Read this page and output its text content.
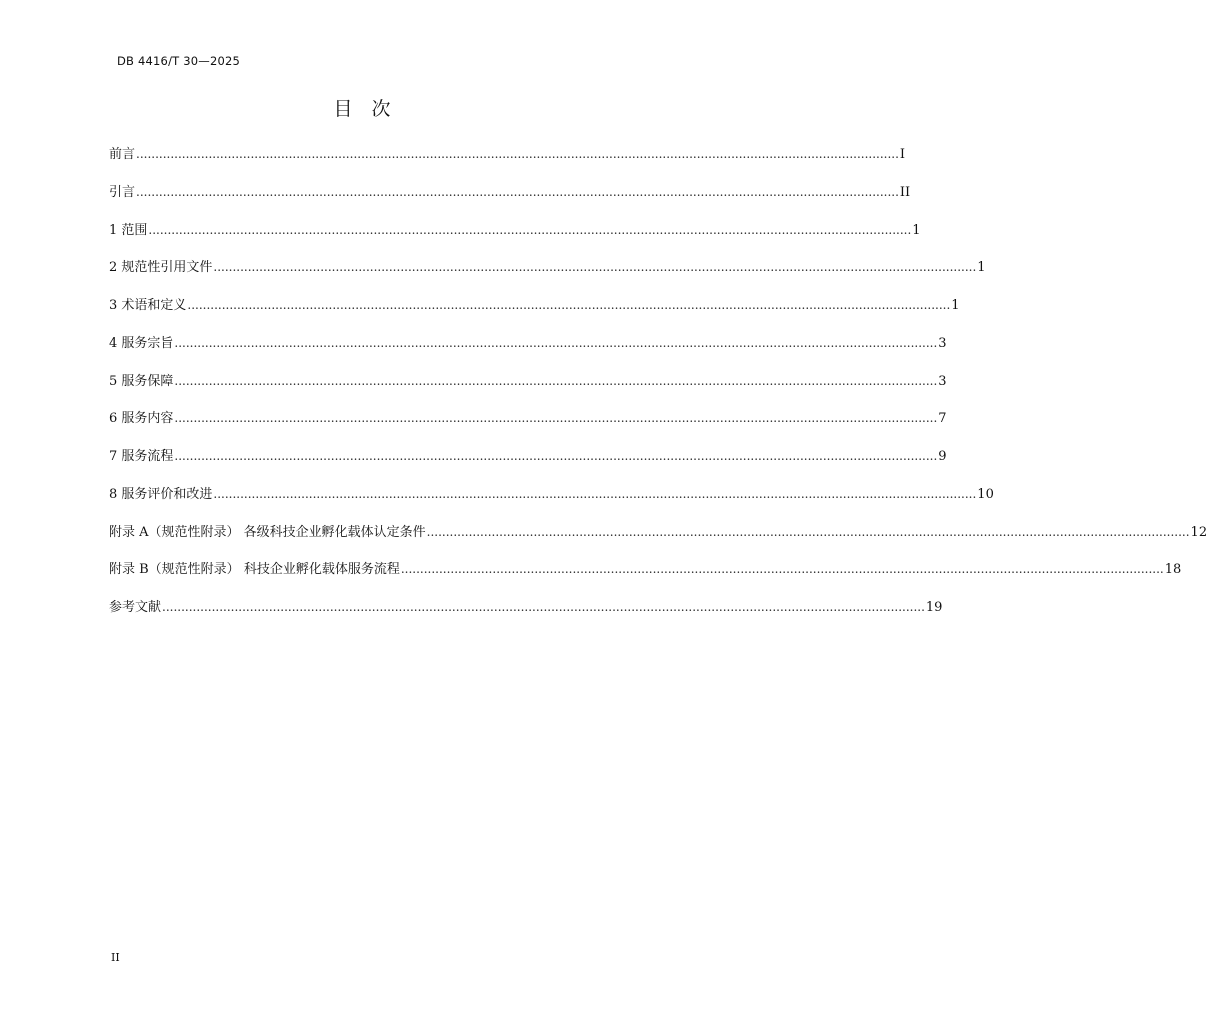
DB 4416/T 30—2025
目　次
前言 ........................................................................................................................................................................................................ I
引言 ........................................................................................................................................................................................................ II
1 范围 ........................................................................................................................................................................................................ 1
2 规范性引用文件 ........................................................................................................................................................................................................ 1
3 术语和定义 ........................................................................................................................................................................................................ 1
4 服务宗旨 ........................................................................................................................................................................................................ 3
5 服务保障 ........................................................................................................................................................................................................ 3
6 服务内容 ........................................................................................................................................................................................................ 7
7 服务流程 ........................................................................................................................................................................................................ 9
8 服务评价和改进 ........................................................................................................................................................................................................ 10
附录 A（规范性附录） 各级科技企业孵化载体认定条件 ........................................................................................................................................................................................................ 12
附录 B（规范性附录） 科技企业孵化载体服务流程 ........................................................................................................................................................................................................ 18
参考文献 ........................................................................................................................................................................................................ 19
II
